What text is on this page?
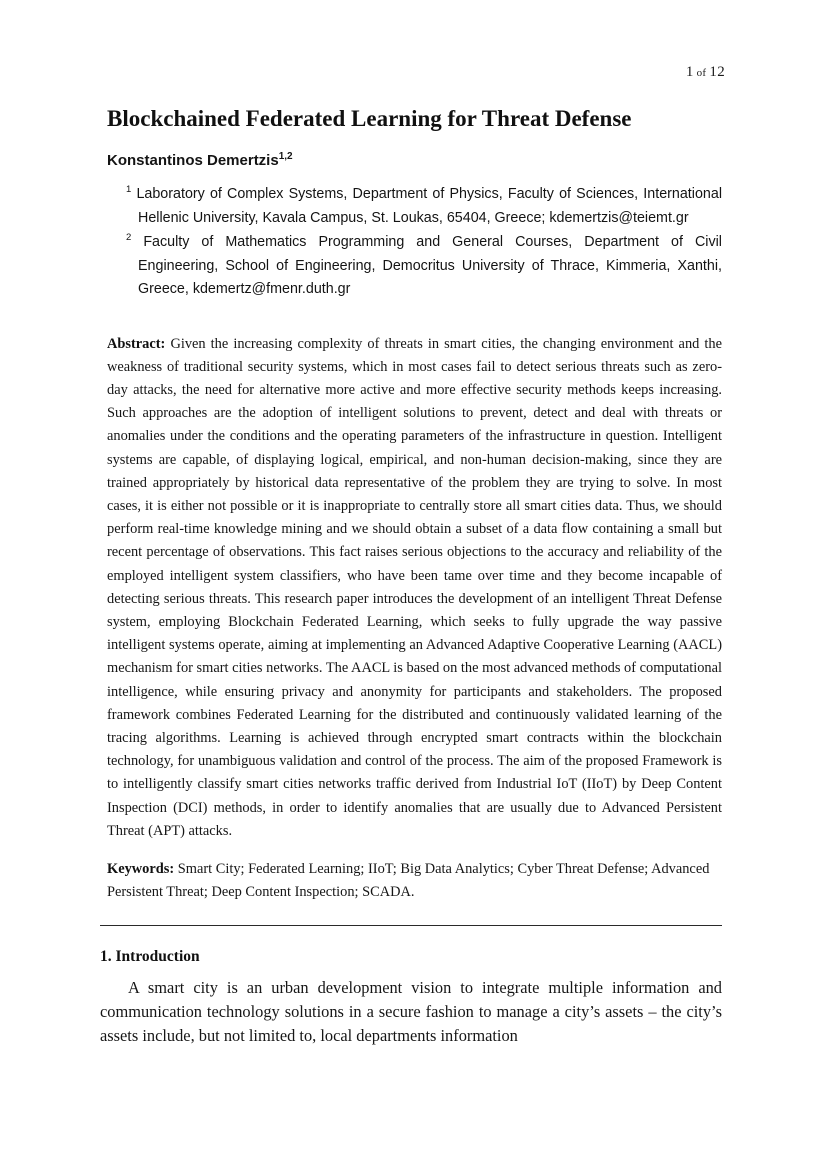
1 of 12
Blockchained Federated Learning for Threat Defense
Konstantinos Demertzis$^{1,2}$
$^1$ Laboratory of Complex Systems, Department of Physics, Faculty of Sciences, International Hellenic University, Kavala Campus, St. Loukas, 65404, Greece; kdemertzis@teiemt.gr
$^2$ Faculty of Mathematics Programming and General Courses, Department of Civil Engineering, School of Engineering, Democritus University of Thrace, Kimmeria, Xanthi, Greece, kdemertz@fmenr.duth.gr

Abstract: Given the increasing complexity of threats in smart cities, the changing environment and the weakness of traditional security systems, which in most cases fail to detect serious threats such as zero-day attacks, the need for alternative more active and more effective security methods keeps increasing. Such approaches are the adoption of intelligent solutions to prevent, detect and deal with threats or anomalies under the conditions and the operating parameters of the infrastructure in question. Intelligent systems are capable, of displaying logical, empirical, and non-human decision-making, since they are trained appropriately by historical data representative of the problem they are trying to solve. In most cases, it is either not possible or it is inappropriate to centrally store all smart cities data. Thus, we should perform real-time knowledge mining and we should obtain a subset of a data flow containing a small but recent percentage of observations. This fact raises serious objections to the accuracy and reliability of the employed intelligent system classifiers, who have been tame over time and they become incapable of detecting serious threats. This research paper introduces the development of an intelligent Threat Defense system, employing Blockchain Federated Learning, which seeks to fully upgrade the way passive intelligent systems operate, aiming at implementing an Advanced Adaptive Cooperative Learning (AACL) mechanism for smart cities networks. The AACL is based on the most advanced methods of computational intelligence, while ensuring privacy and anonymity for participants and stakeholders. The proposed framework combines Federated Learning for the distributed and continuously validated learning of the tracing algorithms. Learning is achieved through encrypted smart contracts within the blockchain technology, for unambiguous validation and control of the process. The aim of the proposed Framework is to intelligently classify smart cities networks traffic derived from Industrial IoT (IIoT) by Deep Content Inspection (DCI) methods, in order to identify anomalies that are usually due to Advanced Persistent Threat (APT) attacks.

Keywords: Smart City; Federated Learning; IIoT; Big Data Analytics; Cyber Threat Defense; Advanced Persistent Threat; Deep Content Inspection; SCADA.

1. Introduction

A smart city is an urban development vision to integrate multiple information and communication technology solutions in a secure fashion to manage a city’s assets – the city’s assets include, but not limited to, local departments information
